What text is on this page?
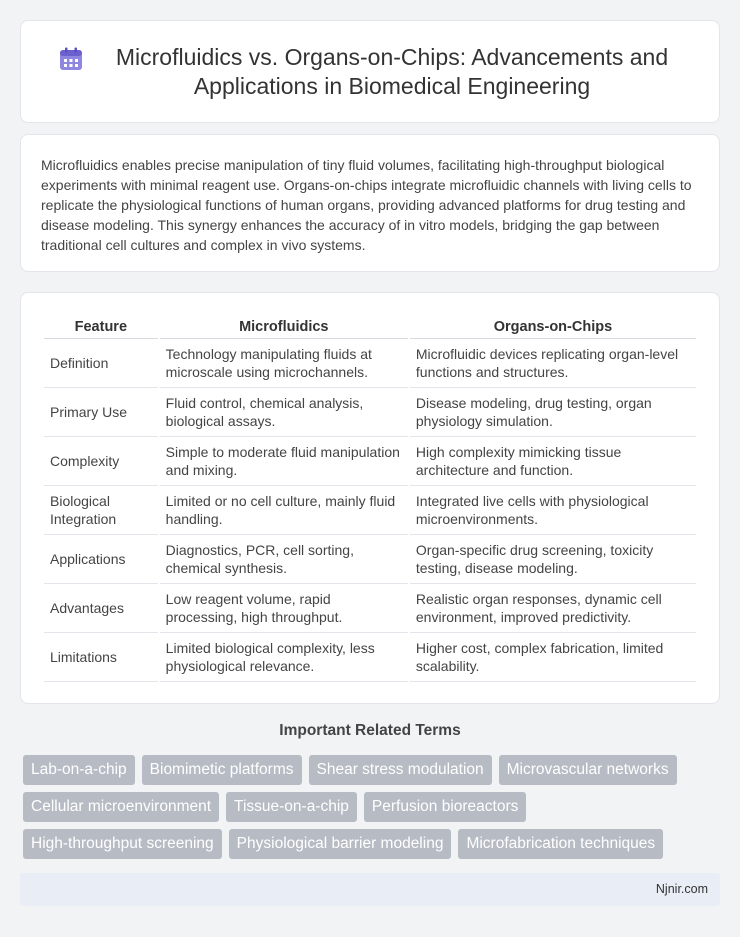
Microfluidics vs. Organs-on-Chips: Advancements and Applications in Biomedical Engineering

Microfluidics enables precise manipulation of tiny fluid volumes, facilitating high-throughput biological experiments with minimal reagent use. Organs-on-chips integrate microfluidic channels with living cells to replicate the physiological functions of human organs, providing advanced platforms for drug testing and disease modeling. This synergy enhances the accuracy of in vitro models, bridging the gap between traditional cell cultures and complex in vivo systems.

Feature	Microfluidics	Organs-on-Chips
Definition	Technology manipulating fluids at microscale using microchannels.	Microfluidic devices replicating organ-level functions and structures.
Primary Use	Fluid control, chemical analysis, biological assays.	Disease modeling, drug testing, organ physiology simulation.
Complexity	Simple to moderate fluid manipulation and mixing.	High complexity mimicking tissue architecture and function.
Biological Integration	Limited or no cell culture, mainly fluid handling.	Integrated live cells with physiological microenvironments.
Applications	Diagnostics, PCR, cell sorting, chemical synthesis.	Organ-specific drug screening, toxicity testing, disease modeling.
Advantages	Low reagent volume, rapid processing, high throughput.	Realistic organ responses, dynamic cell environment, improved predictivity.
Limitations	Limited biological complexity, less physiological relevance.	Higher cost, complex fabrication, limited scalability.
Important Related Terms
Lab-on-a-chip	Biomimetic platforms	Shear stress modulation	Microvascular networks
Cellular microenvironment	Tissue-on-a-chip	Perfusion bioreactors
High-throughput screening	Physiological barrier modeling	Microfabrication techniques
Njnir.com
